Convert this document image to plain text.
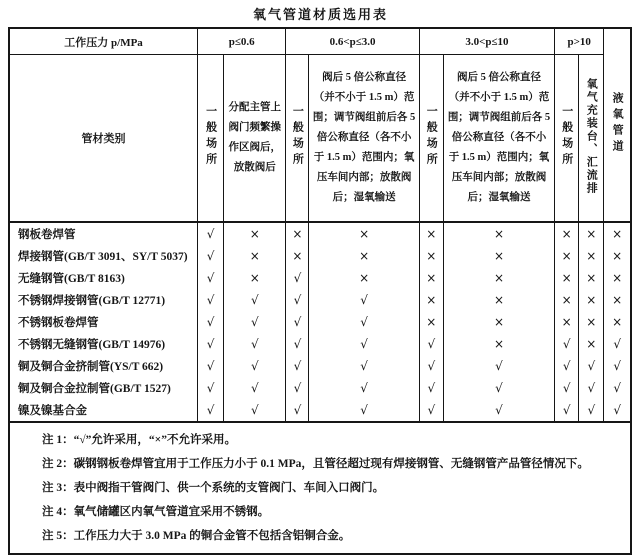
氧气管道材质选用表
工作压力 p/MPa	p≤0.6		0.6<p≤3.0		3.0<p≤10		p>10		液氧管道
管材类别	一般场所	分配主管上阀门频繁操作区阀后，放散阀后	一般场所	阀后 5 倍公称直径（并不小于 1.5 m）范围；调节阀组前后各 5 倍公称直径（各不小于 1.5 m）范围内；氧压车间内部；放散阀后；湿氧输送	一般场所	阀后 5 倍公称直径（并不小于 1.5 m）范围；调节阀组前后各 5 倍公称直径（各不小于 1.5 m）范围内；氧压车间内部；放散阀后；湿氧输送	一般场所	氧气充装台、汇流排	
钢板卷焊管	√	×	×	×	×	×	×	×	×
焊接钢管(GB/T 3091、SY/T 5037)	√	×	×	×	×	×	×	×	×
无缝钢管(GB/T 8163)	√	×	√	×	×	×	×	×	×
不锈钢焊接钢管(GB/T 12771)	√	√	√	√	×	×	×	×	×
不锈钢板卷焊管	√	√	√	√	×	×	×	×	×
不锈钢无缝钢管(GB/T 14976)	√	√	√	√	√	×	√	×	√
铜及铜合金挤制管(YS/T 662)	√	√	√	√	√	√	√	√	√
铜及铜合金拉制管(GB/T 1527)	√	√	√	√	√	√	√	√	√
镍及镍基合金	√	√	√	√	√	√	√	√	√

注 1：“√”允许采用，“×”不允许采用。
注 2：碳钢钢板卷焊管宜用于工作压力小于 0.1 MPa，且管径超过现有焊接钢管、无缝钢管产品管径情况下。
注 3：表中阀指干管阀门、供一个系统的支管阀门、车间入口阀门。
注 4：氧气储罐区内氧气管道宜采用不锈钢。
注 5：工作压力大于 3.0 MPa 的铜合金管不包括含铝铜合金。									
